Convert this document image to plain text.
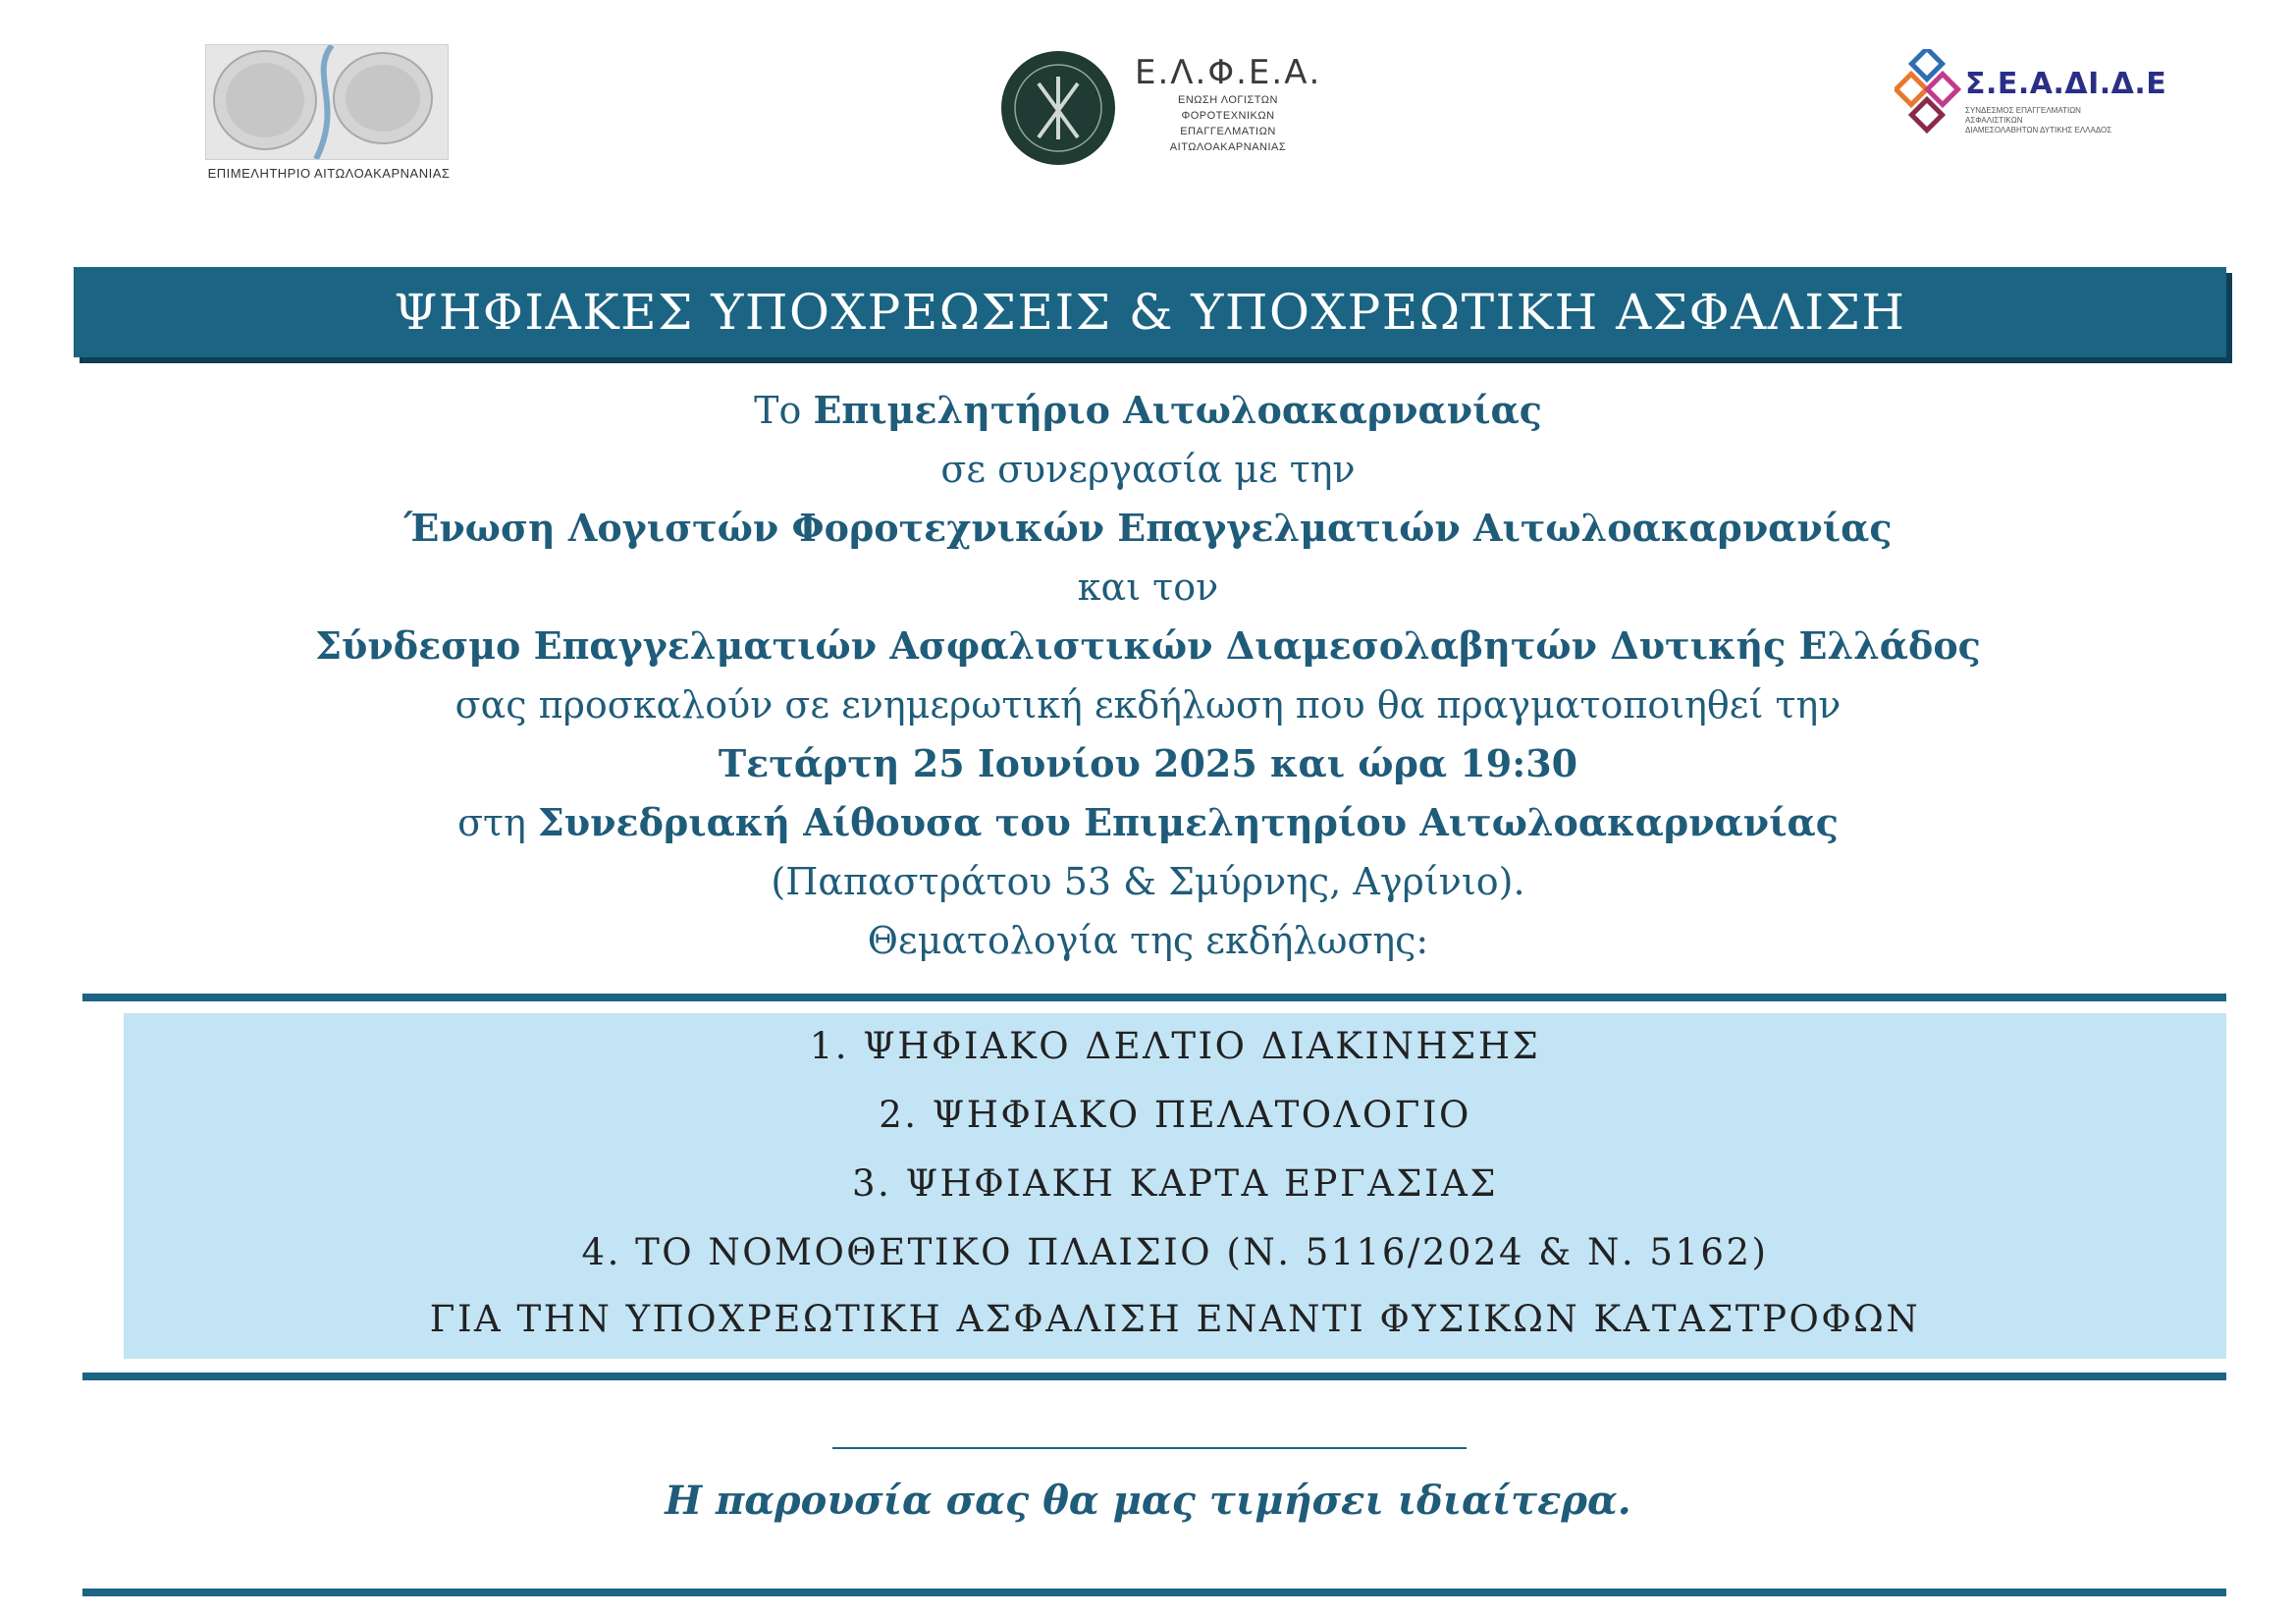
ΕΠΙΜΕΛΗΤΗΡΙΟ ΑΙΤΩΛΟΑΚΑΡΝΑΝΙΑΣ
Ε.Λ.Φ.Ε.Α.
ΕΝΩΣΗ ΛΟΓΙΣΤΩΝ
ΦΟΡΟΤΕΧΝΙΚΩΝ ΕΠΑΓΓΕΛΜΑΤΙΩΝ
ΑΙΤΩΛΟΑΚΑΡΝΑΝΙΑΣ
Σ.Ε.Α.ΔΙ.Δ.Ε
ΣΥΝΔΕΣΜΟΣ ΕΠΑΓΓΕΛΜΑΤΙΩΝ ΑΣΦΑΛΙΣΤΙΚΩΝ
ΔΙΑΜΕΣΟΛΑΒΗΤΩΝ ΔΥΤΙΚΗΣ ΕΛΛΑΔΟΣ
ΨΗΦΙΑΚΕΣ ΥΠΟΧΡΕΩΣΕΙΣ & ΥΠΟΧΡΕΩΤΙΚΗ ΑΣΦΑΛΙΣΗ
Το Επιμελητήριο Αιτωλοακαρνανίας
σε συνεργασία με την
Ένωση Λογιστών Φοροτεχνικών Επαγγελματιών Αιτωλοακαρνανίας
και τον
Σύνδεσμο Επαγγελματιών Ασφαλιστικών Διαμεσολαβητών Δυτικής Ελλάδος
σας προσκαλούν σε ενημερωτική εκδήλωση που θα πραγματοποιηθεί την
Τετάρτη 25 Ιουνίου 2025 και ώρα 19:30
στη Συνεδριακή Αίθουσα του Επιμελητηρίου Αιτωλοακαρνανίας
(Παπαστράτου 53 & Σμύρνης, Αγρίνιο).
Θεματολογία της εκδήλωσης:
1. ΨΗΦΙΑΚΟ ΔΕΛΤΙΟ ΔΙΑΚΙΝΗΣΗΣ
2. ΨΗΦΙΑΚΟ ΠΕΛΑΤΟΛΟΓΙΟ
3. ΨΗΦΙΑΚΗ ΚΑΡΤΑ ΕΡΓΑΣΙΑΣ
4. ΤΟ ΝΟΜΟΘΕΤΙΚΟ ΠΛΑΙΣΙΟ (Ν. 5116/2024 & Ν. 5162)
ΓΙΑ ΤΗΝ ΥΠΟΧΡΕΩΤΙΚΗ ΑΣΦΑΛΙΣΗ ΕΝΑΝΤΙ ΦΥΣΙΚΩΝ ΚΑΤΑΣΤΡΟΦΩΝ
Η παρουσία σας θα μας τιμήσει ιδιαίτερα.
